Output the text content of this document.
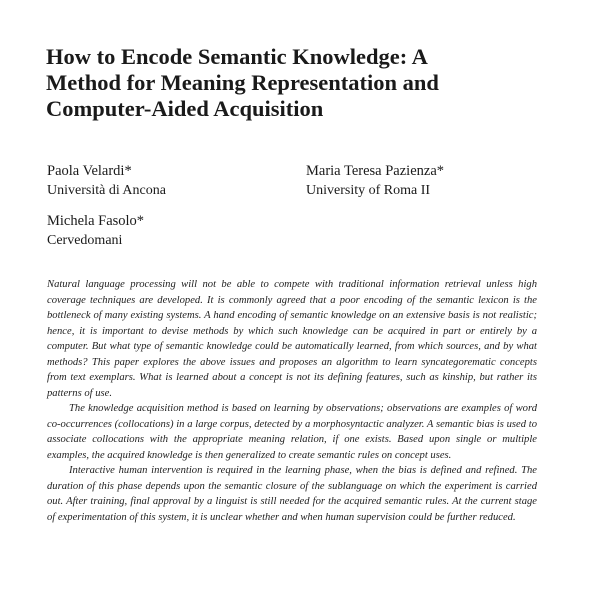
How to Encode Semantic Knowledge: A
Method for Meaning Representation and
Computer-Aided Acquisition
Paola Velardi*
Università di Ancona
Maria Teresa Pazienza*
University of Roma II
Michela Fasolo*
Cervedomani

Natural language processing will not be able to compete with traditional information retrieval unless high coverage techniques are developed. It is commonly agreed that a poor encoding of the semantic lexicon is the bottleneck of many existing systems. A hand encoding of semantic knowledge on an extensive basis is not realistic; hence, it is important to devise methods by which such knowledge can be acquired in part or entirely by a computer. But what type of semantic knowledge could be automatically learned, from which sources, and by what methods? This paper explores the above issues and proposes an algorithm to learn syncategorematic concepts from text exemplars. What is learned about a concept is not its defining features, such as kinship, but rather its patterns of use.

The knowledge acquisition method is based on learning by observations; observations are examples of word co-occurrences (collocations) in a large corpus, detected by a morphosyntactic analyzer. A semantic bias is used to associate collocations with the appropriate meaning relation, if one exists. Based upon single or multiple examples, the acquired knowledge is then generalized to create semantic rules on concept uses.

Interactive human intervention is required in the learning phase, when the bias is defined and refined. The duration of this phase depends upon the semantic closure of the sublanguage on which the experiment is carried out. After training, final approval by a linguist is still needed for the acquired semantic rules. At the current stage of experimentation of this system, it is unclear whether and when human supervision could be further reduced.
